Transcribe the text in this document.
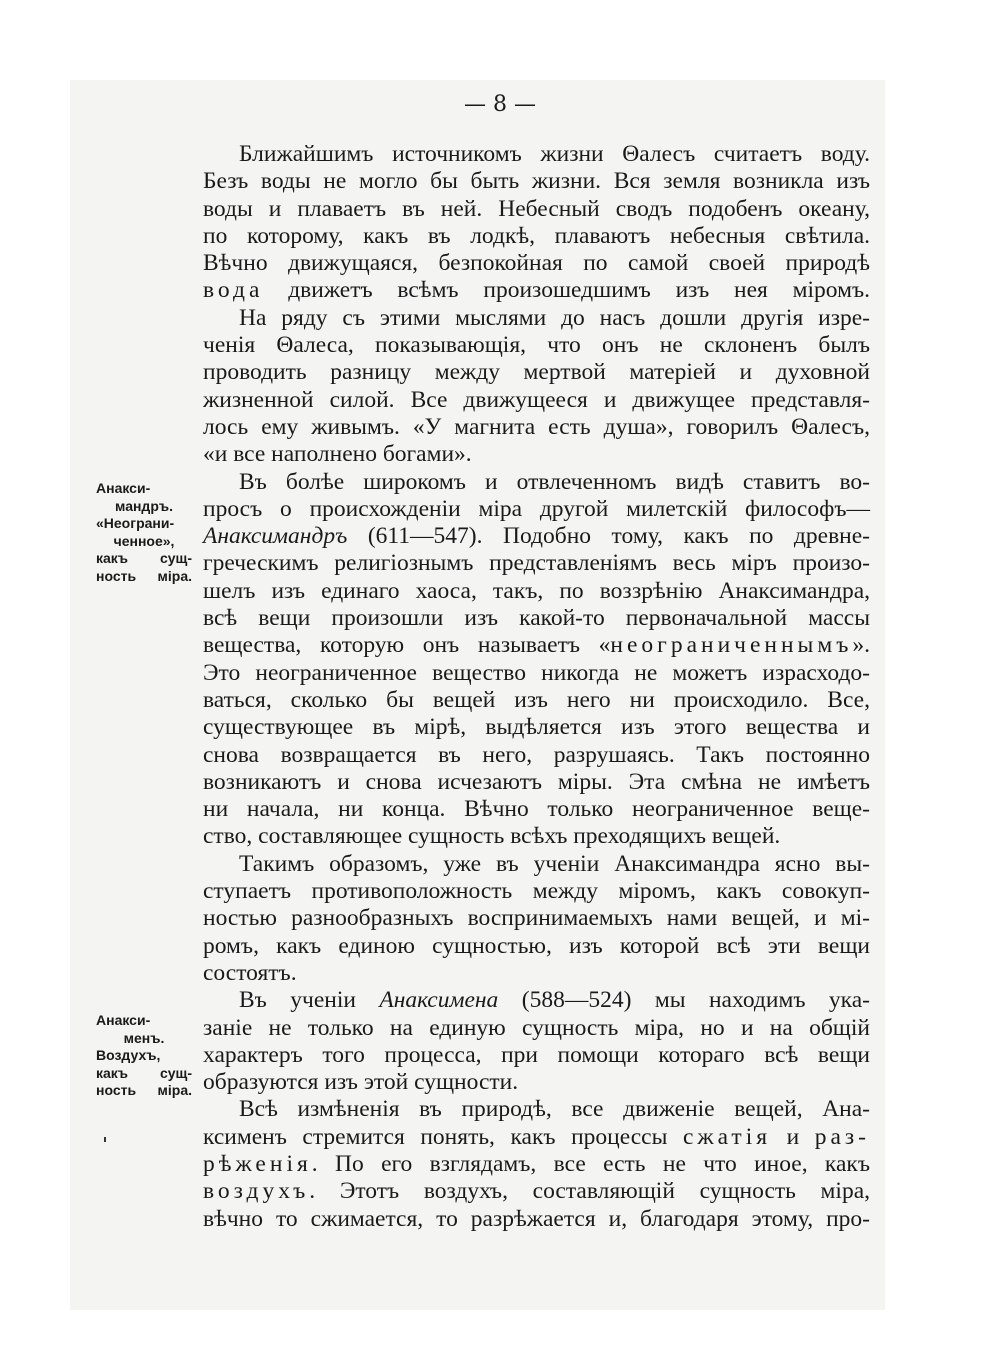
— 8 —
Анакси-
мандръ.
«Неограни-
ченное»,
какъ сущ-
ность міра.
Анакси-
менъ.
Воздухъ,
какъ сущ-
ность міра.
Ближайшимъ источникомъ жизни Θалесъ считаетъ воду.
Безъ воды не могло бы быть жизни. Вся земля возникла изъ
воды и плаваетъ въ ней. Небесный сводъ подобенъ океану,
по которому, какъ въ лодкѣ, плаваютъ небесныя свѣтила.
Вѣчно движущаяся, безпокойная по самой своей природѣ
вода движетъ всѣмъ произошедшимъ изъ нея міромъ.
На ряду съ этими мыслями до насъ дошли другія изре-
ченія Θалеса, показывающія, что онъ не склоненъ былъ
проводить разницу между мертвой матеріей и духовной
жизненной силой. Все движущееся и движущее представля-
лось ему живымъ. «У магнита есть душа», говорилъ Θалесъ,
«и все наполнено богами».
Въ болѣе широкомъ и отвлеченномъ видѣ ставитъ во-
просъ о происхожденіи міра другой милетскій философъ—
Анаксимандръ (611—547). Подобно тому, какъ по древне-
греческимъ религіознымъ представленіямъ весь міръ произо-
шелъ изъ единаго хаоса, такъ, по воззрѣнію Анаксимандра,
всѣ вещи произошли изъ какой-то первоначальной массы
вещества, которую онъ называетъ «неограниченнымъ».
Это неограниченное вещество никогда не можетъ израсходо-
ваться, сколько бы вещей изъ него ни происходило. Все,
существующее въ мірѣ, выдѣляется изъ этого вещества и
снова возвращается въ него, разрушаясь. Такъ постоянно
возникаютъ и снова исчезаютъ міры. Эта смѣна не имѣетъ
ни начала, ни конца. Вѣчно только неограниченное веще-
ство, составляющее сущность всѣхъ преходящихъ вещей.
Такимъ образомъ, уже въ ученіи Анаксимандра ясно вы-
ступаетъ противоположность между міромъ, какъ совокуп-
ностью разнообразныхъ воспринимаемыхъ нами вещей, и мі-
ромъ, какъ единою сущностью, изъ которой всѣ эти вещи
состоятъ.
Въ ученіи Анаксимена (588—524) мы находимъ ука-
заніе не только на единую сущность міра, но и на общій
характеръ того процесса, при помощи котораго всѣ вещи
образуются изъ этой сущности.
Всѣ измѣненія въ природѣ, все движеніе вещей, Ана-
ксименъ стремится понять, какъ процессы сжатія и раз-
рѣженія. По его взглядамъ, все есть не что иное, какъ
воздухъ. Этотъ воздухъ, составляющій сущность міра,
вѣчно то сжимается, то разрѣжается и, благодаря этому, про-
